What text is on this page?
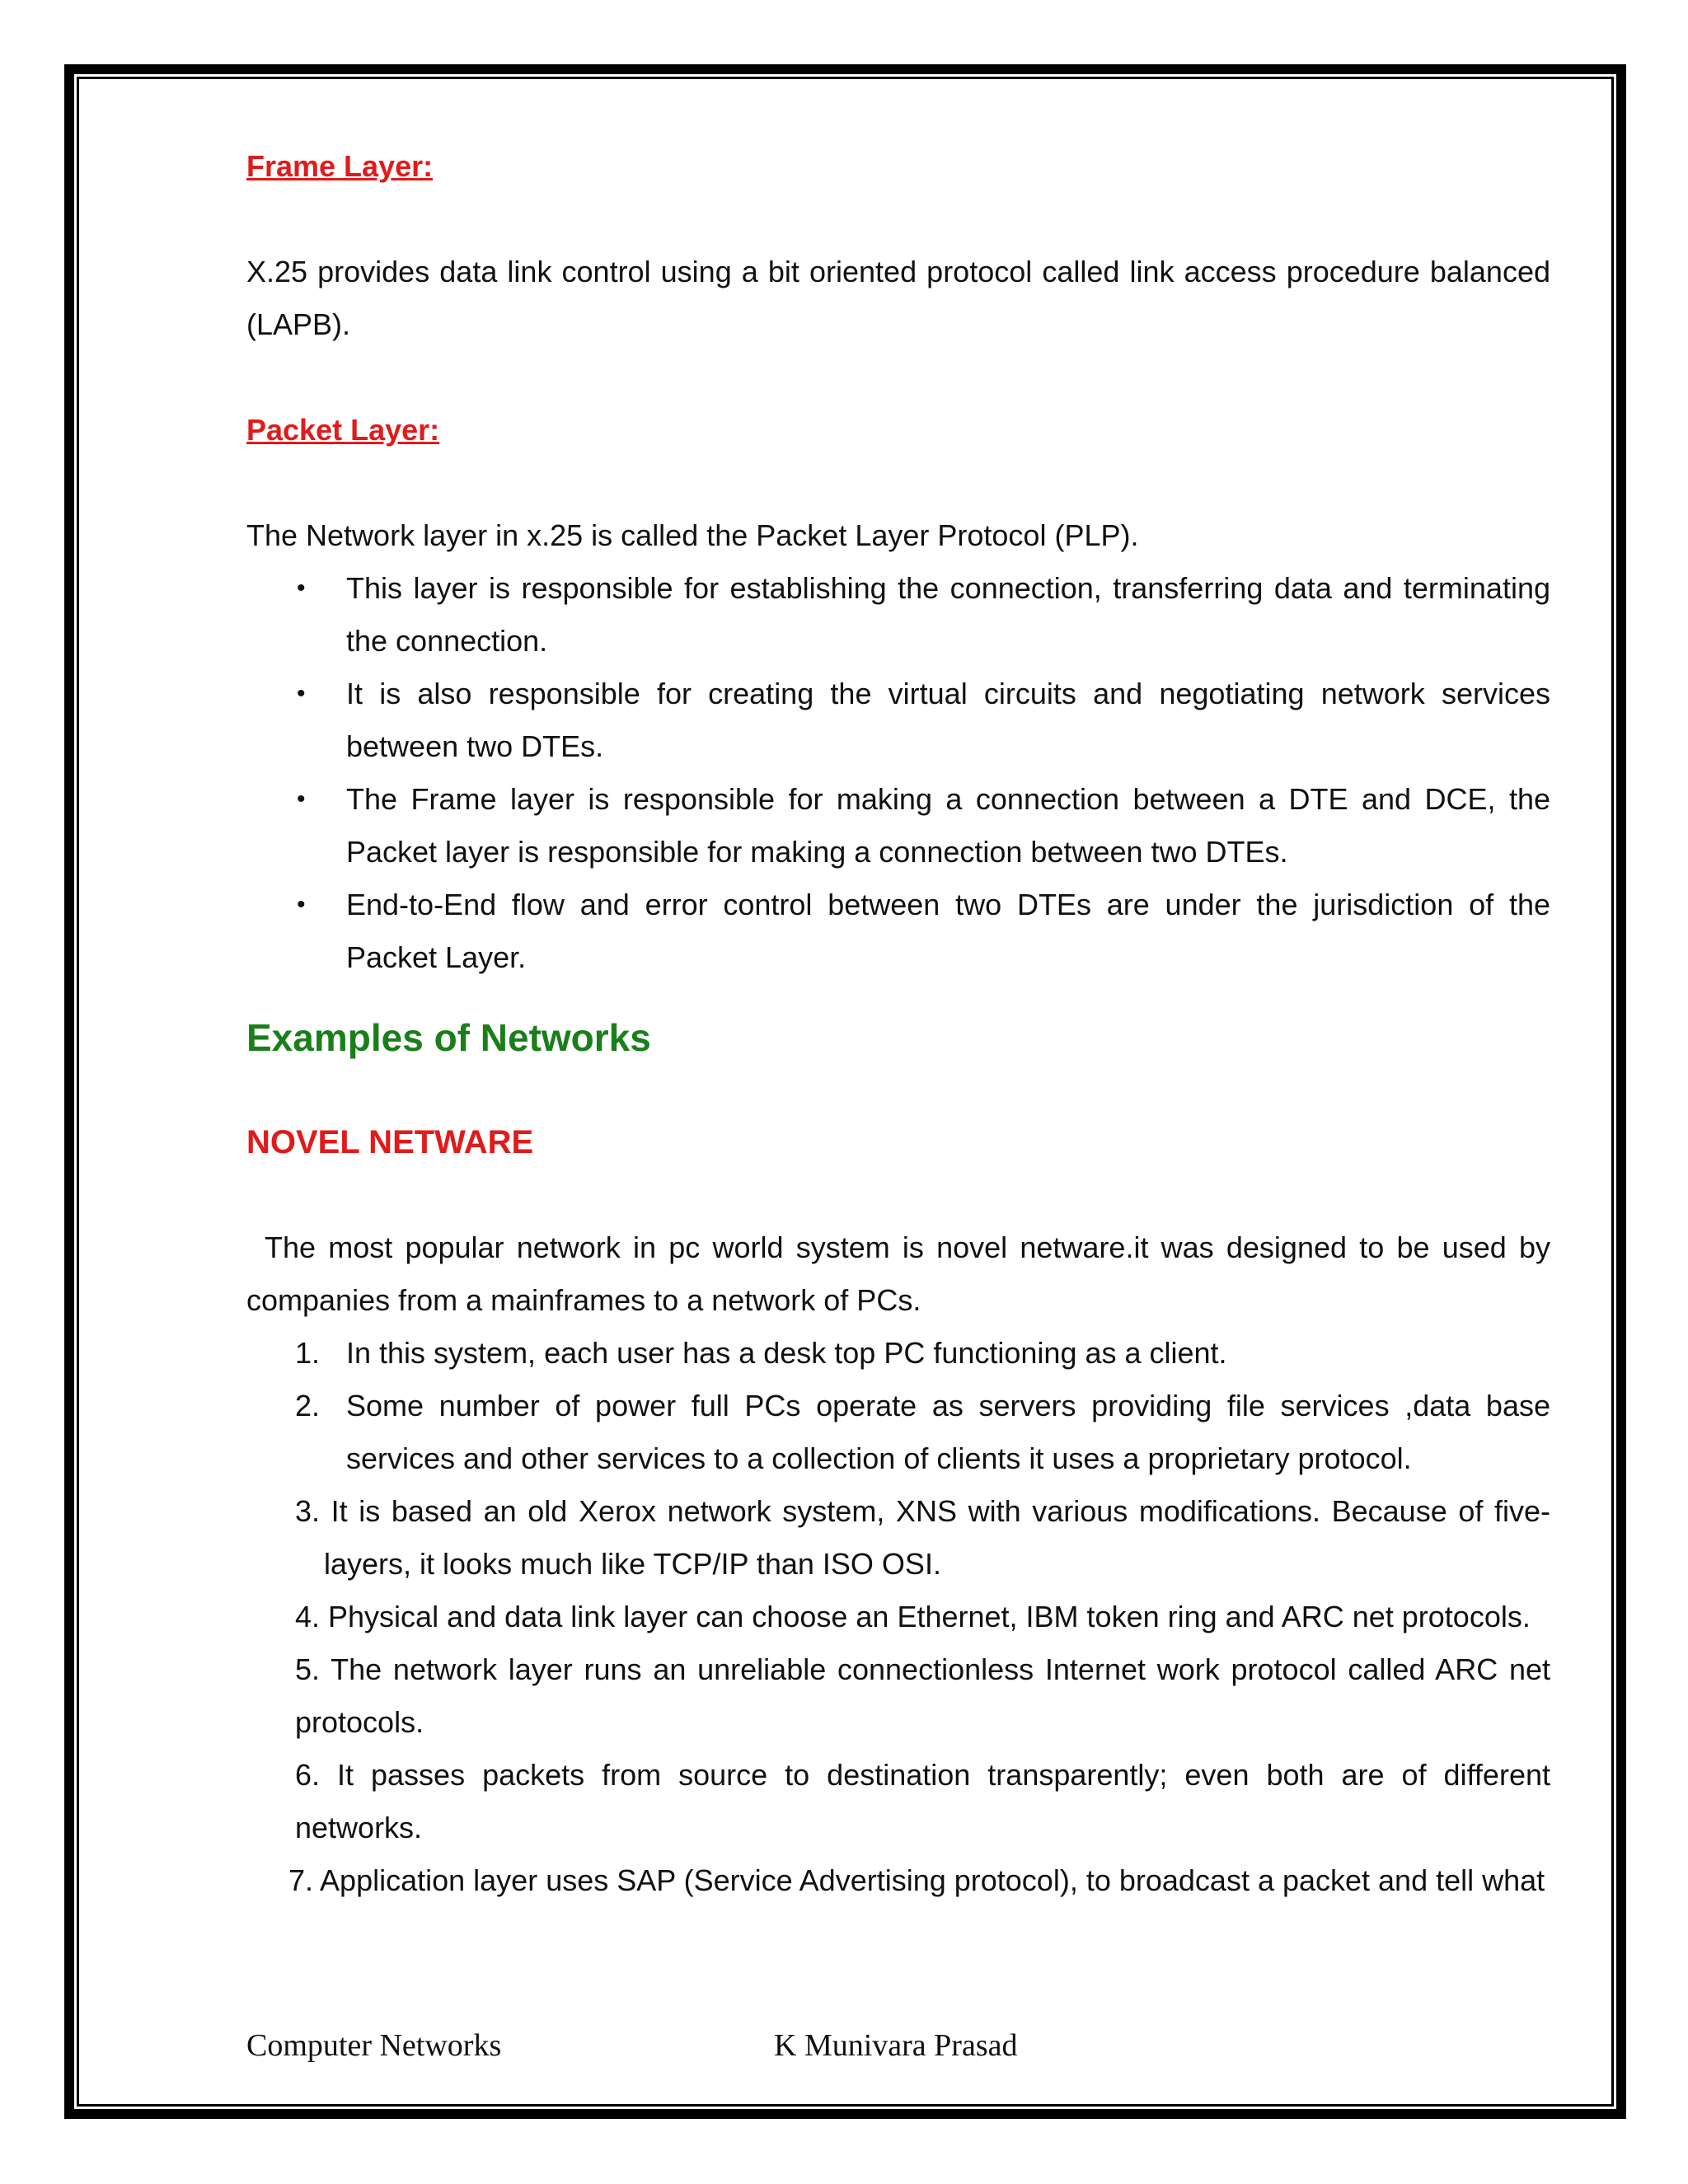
Frame Layer:

X.25 provides data link control using a bit oriented protocol called link access procedure balanced (LAPB).

Packet Layer:

The Network layer in x.25 is called the Packet Layer Protocol (PLP).

• This layer is responsible for establishing the connection, transferring data and terminating the connection.
• It is also responsible for creating the virtual circuits and negotiating network services between two DTEs.
• The Frame layer is responsible for making a connection between a DTE and DCE, the Packet layer is responsible for making a connection between two DTEs.
• End-to-End flow and error control between two DTEs are under the jurisdiction of the Packet Layer.
Examples of Networks
NOVEL NETWARE

The most popular network in pc world system is novel netware.it was designed to be used by companies from a mainframes to a network of PCs.

1. In this system, each user has a desk top PC functioning as a client.
2. Some number of power full PCs operate as servers providing file services ,data base services and other services to a collection of clients it uses a proprietary protocol.
3. It is based an old Xerox network system, XNS with various modifications. Because of five-layers, it looks much like TCP/IP than ISO OSI.
4. Physical and data link layer can choose an Ethernet, IBM token ring and ARC net protocols.
5. The network layer runs an unreliable connectionless Internet work protocol called ARC net protocols.
6. It passes packets from source to destination transparently; even both are of different networks.
7. Application layer uses SAP (Service Advertising protocol), to broadcast a packet and tell what
Computer Networks	K Munivara Prasad
